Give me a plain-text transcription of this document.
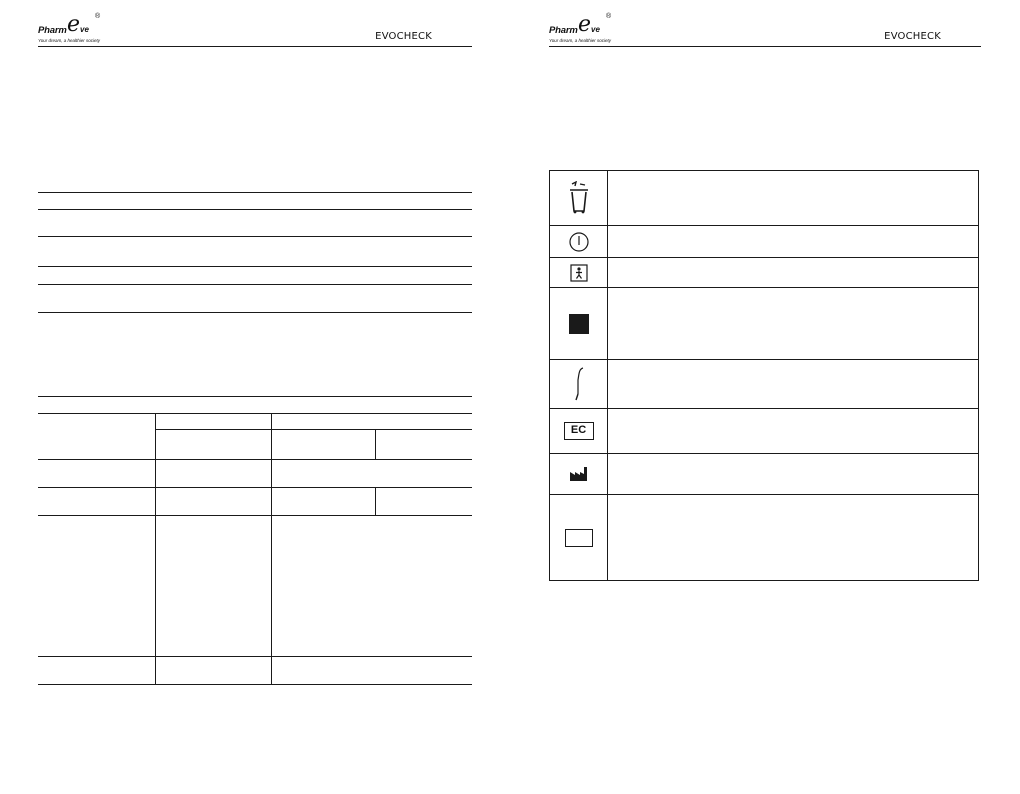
Pharm e ve
®
Your dream, a healthier society	EVOCHECK
Pharm e ve
®
Your dream, a healthier society	EVOCHECK
EC
